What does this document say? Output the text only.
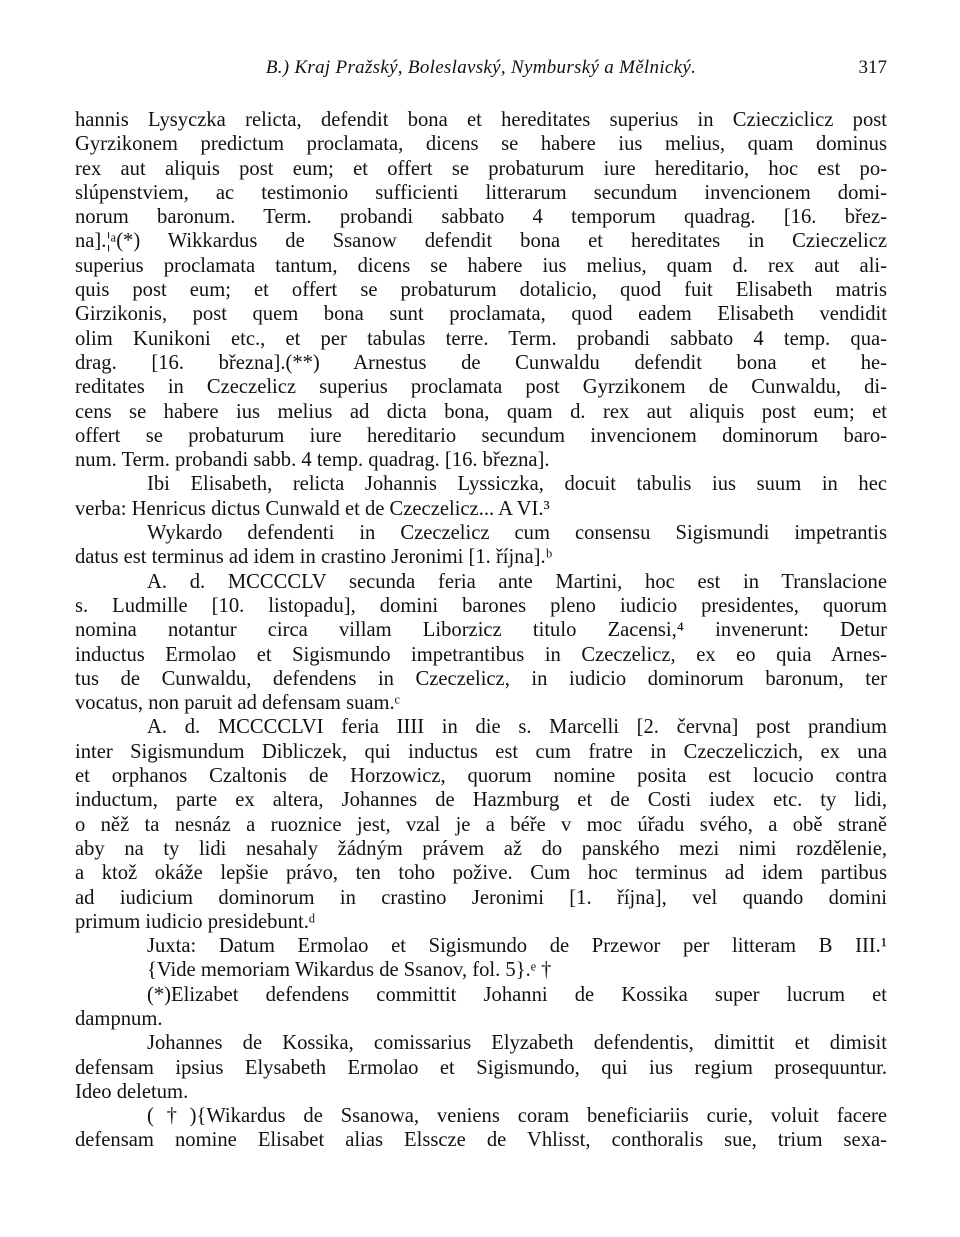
B.) Kraj Pražský, Boleslavský, Nymburský a Mělnický.	317
hannis Lysyczka relicta, defendit bona et hereditates superius in Cziecziclicz post
Gyrzikonem predictum proclamata, dicens se habere ius melius, quam dominus
rex aut aliquis post eum; et offert se probaturum iure hereditario, hoc est po-
slúpenstviem, ac testimonio sufficienti litterarum secundum invencionem domi-
norum baronum. Term. probandi sabbato 4 temporum quadrag. [16. břez-
na].¦ᵃ(*) Wikkardus de Ssanow defendit bona et hereditates in Czieczelicz
superius proclamata tantum, dicens se habere ius melius, quam d. rex aut ali-
quis post eum; et offert se probaturum dotalicio, quod fuit Elisabeth matris
Girzikonis, post quem bona sunt proclamata, quod eadem Elisabeth vendidit
olim Kunikoni etc., et per tabulas terre. Term. probandi sabbato 4 temp. qua-
drag. [16. března].(**) Arnestus de Cunwaldu defendit bona et he-
reditates in Czeczelicz superius proclamata post Gyrzikonem de Cunwaldu, di-
cens se habere ius melius ad dicta bona, quam d. rex aut aliquis post eum; et
offert se probaturum iure hereditario secundum invencionem dominorum baro-
num. Term. probandi sabb. 4 temp. quadrag. [16. března].
Ibi Elisabeth, relicta Johannis Lyssiczka, docuit tabulis ius suum in hec
verba: Henricus dictus Cunwald et de Czeczelicz... A VI.³
Wykardo defendenti in Czeczelicz cum consensu Sigismundi impetrantis
datus est terminus ad idem in crastino Jeronimi [1. října].ᵇ
A. d. MCCCCLV secunda feria ante Martini, hoc est in Translacione
s. Ludmille [10. listopadu], domini barones pleno iudicio presidentes, quorum
nomina notantur circa villam Liborzicz titulo Zacensi,⁴ invenerunt: Detur
inductus Ermolao et Sigismundo impetrantibus in Czeczelicz, ex eo quia Arnes-
tus de Cunwaldu, defendens in Czeczelicz, in iudicio dominorum baronum, ter
vocatus, non paruit ad defensam suam.ᶜ
A. d. MCCCCLVI feria IIII in die s. Marcelli [2. června] post prandium
inter Sigismundum Dibliczek, qui inductus est cum fratre in Czeczeliczich, ex una
et orphanos Czaltonis de Horzowicz, quorum nomine posita est locucio contra
inductum, parte ex altera, Johannes de Hazmburg et de Costi iudex etc. ty lidi,
o něž ta nesnáz a ruoznice jest, vzal je a béře v moc úřadu svého, a obě straně
aby na ty lidi nesahaly žádným právem až do panského mezi nimi rozdělenie,
a ktož okáže lepšie právo, ten toho požive. Cum hoc terminus ad idem partibus
ad iudicium dominorum in crastino Jeronimi [1. října], vel quando domini
primum iudicio presidebunt.ᵈ
Juxta: Datum Ermolao et Sigismundo de Przewor per litteram B III.¹
{Vide memoriam Wikardus de Ssanov, fol. 5}.ᵉ †
(*)Elizabet defendens committit Johanni de Kossika super lucrum et
dampnum.
Johannes de Kossika, comissarius Elyzabeth defendentis, dimittit et dimisit
defensam ipsius Elysabeth Ermolao et Sigismundo, qui ius regium prosequuntur.
Ideo deletum.
(†){Wikardus de Ssanowa, veniens coram beneficiariis curie, voluit facere
defensam nomine Elisabet alias Elsscze de Vhlisst, conthoralis sue, trium sexa-
